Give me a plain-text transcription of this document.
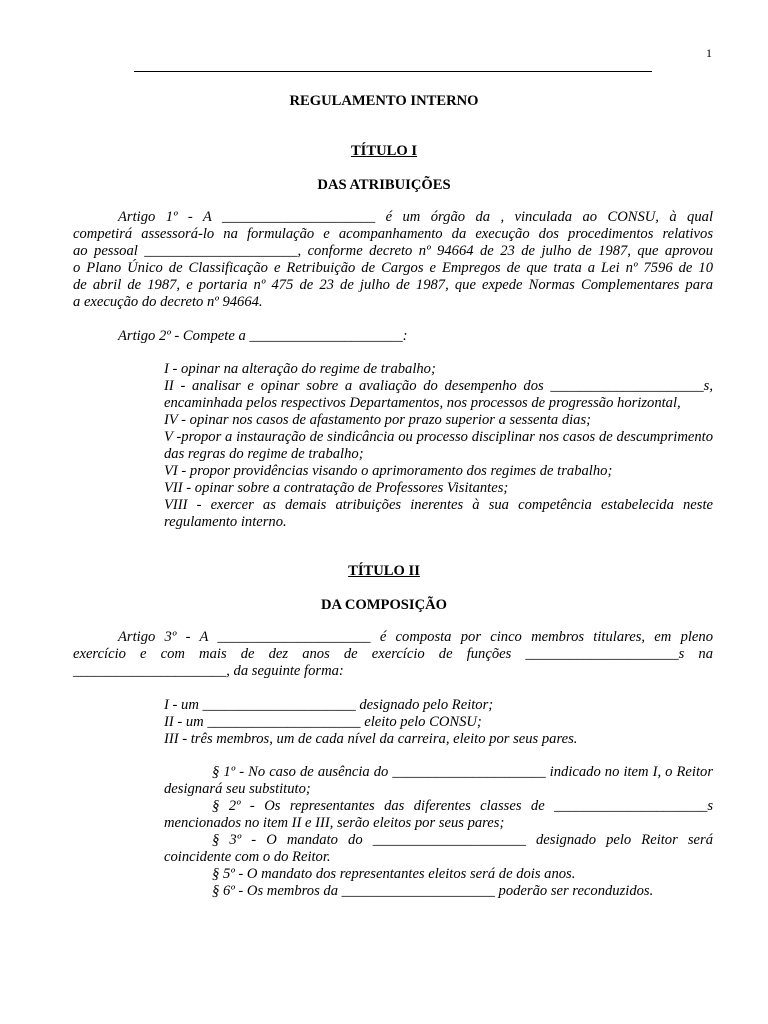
1
REGULAMENTO INTERNO
TÍTULO I
DAS ATRIBUIÇÕES
Artigo 1º - A _____________________ é um órgão da , vinculada ao CONSU, à qual
competirá assessorá-lo na formulação e acompanhamento da execução dos procedimentos relativos
ao pessoal _____________________, conforme decreto nº 94664 de 23 de julho de 1987, que aprovou
o Plano Único de Classificação e Retribuição de Cargos e Empregos de que trata a Lei nº 7596 de 10
de abril de 1987, e portaria nº 475 de 23 de julho de 1987, que expede Normas Complementares para
a execução do decreto nº 94664.
Artigo 2º - Compete a _____________________:
I - opinar na alteração do regime de trabalho;
II - analisar e opinar sobre a avaliação do desempenho dos _____________________s, encaminhada pelos respectivos Departamentos, nos processos de progressão horizontal,
IV - opinar nos casos de afastamento por prazo superior a sessenta dias;
V -propor a instauração de sindicância ou processo disciplinar nos casos de descumprimento das regras do regime de trabalho;
VI - propor providências visando o aprimoramento dos regimes de trabalho;
VII - opinar sobre a contratação de Professores Visitantes;
VIII - exercer as demais atribuições inerentes à sua competência estabelecida neste regulamento interno.
TÍTULO II
DA COMPOSIÇÃO
Artigo 3º - A _____________________ é composta por cinco membros titulares, em pleno
exercício e com mais de dez anos de exercício de funções _____________________s na
_____________________, da seguinte forma:
I - um _____________________ designado pelo Reitor;
II - um _____________________ eleito pelo CONSU;
III - três membros, um de cada nível da carreira, eleito por seus pares.
§ 1º - No caso de ausência do _____________________ indicado no item I, o Reitor designará seu substituto;
§ 2º - Os representantes das diferentes classes de _____________________s mencionados no item II e III, serão eleitos por seus pares;
§ 3º - O mandato do _____________________ designado pelo Reitor será coincidente com o do Reitor.
§ 5º - O mandato dos representantes eleitos será de dois anos.
§ 6º - Os membros da _____________________ poderão ser reconduzidos.
